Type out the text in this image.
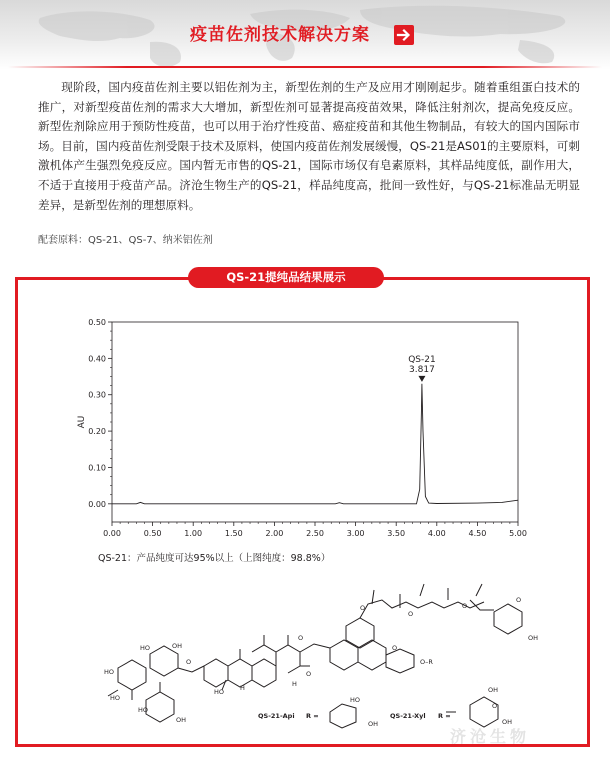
疫苗佐剂技术解决方案
现阶段，国内疫苗佐剂主要以铝佐剂为主，新型佐剂的生产及应用才刚刚起步。随着重组蛋白技术的推广，对新型疫苗佐剂的需求大大增加，新型佐剂可显著提高疫苗效果，降低注射剂次，提高免疫反应。新型佐剂除应用于预防性疫苗，也可以用于治疗性疫苗、癌症疫苗和其他生物制品，有较大的国内国际市场。目前，国内疫苗佐剂受限于技术及原料，使国内疫苗佐剂发展缓慢，QS-21是AS01的主要原料，可刺激机体产生强烈免疫反应。国内暂无市售的QS-21，国际市场仅有皂素原料，其样品纯度低，副作用大，不适于直接用于疫苗产品。济沧生物生产的QS-21，样品纯度高，批间一致性好，与QS-21标准品无明显差异，是新型佐剂的理想原料。
配套原料：QS-21、QS-7、纳米铝佐剂
QS-21提纯品结果展示
0.00
0.10
0.20
0.30
0.40
0.50
0.00	0.50	1.00	1.50	2.00	2.50	3.00	3.50	4.00	4.50	5.00
AU
QS-21
3.817
QS-21：产品纯度可达95%以上（上图纯度：98.8%）
HO
HO	OH
HO
OH
HO
O
O
O
H
H
HO
O
O
O
O
OH
O
O–R
HO
OH
OH
OH
O
QS-21-Api R =	QS-21-Xyl R =
济沧生物
